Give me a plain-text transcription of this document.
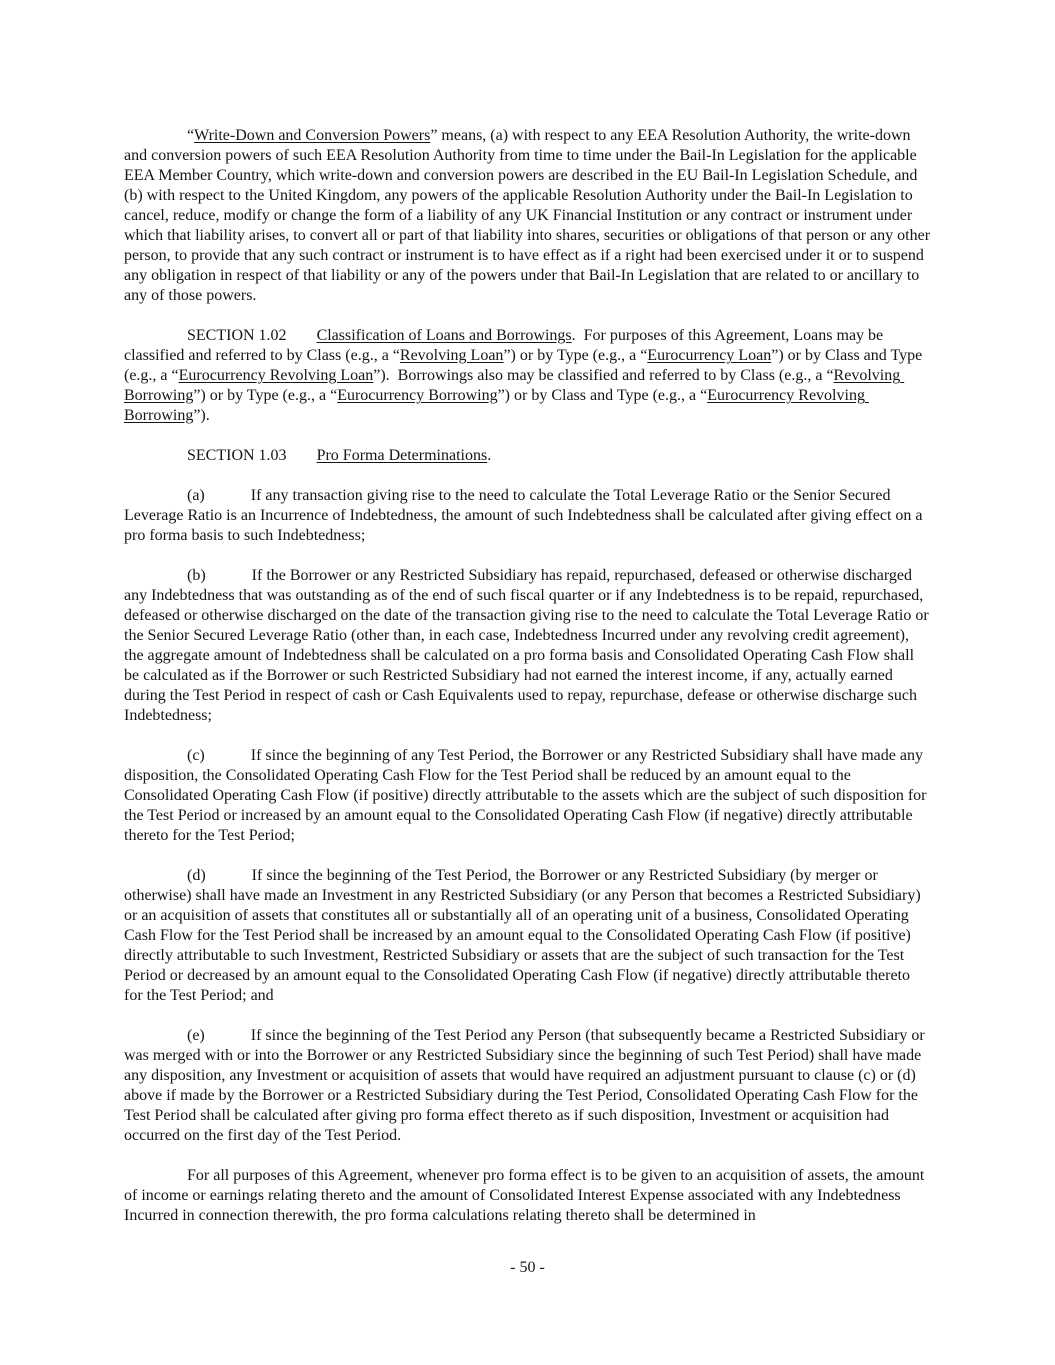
“Write-Down and Conversion Powers” means, (a) with respect to any EEA Resolution Authority, the write-down and conversion powers of such EEA Resolution Authority from time to time under the Bail-In Legislation for the applicable EEA Member Country, which write-down and conversion powers are described in the EU Bail-In Legislation Schedule, and (b) with respect to the United Kingdom, any powers of the applicable Resolution Authority under the Bail-In Legislation to cancel, reduce, modify or change the form of a liability of any UK Financial Institution or any contract or instrument under which that liability arises, to convert all or part of that liability into shares, securities or obligations of that person or any other person, to provide that any such contract or instrument is to have effect as if a right had been exercised under it or to suspend any obligation in respect of that liability or any of the powers under that Bail-In Legislation that are related to or ancillary to any of those powers.

SECTION 1.02 Classification of Loans and Borrowings.  For purposes of this Agreement, Loans may be classified and referred to by Class (e.g., a “Revolving Loan”) or by Type (e.g., a “Eurocurrency Loan”) or by Class and Type (e.g., a “Eurocurrency Revolving Loan”).  Borrowings also may be classified and referred to by Class (e.g., a “Revolving Borrowing”) or by Type (e.g., a “Eurocurrency Borrowing”) or by Class and Type (e.g., a “Eurocurrency Revolving Borrowing”).

SECTION 1.03 Pro Forma Determinations.

(a)	If any transaction giving rise to the need to calculate the Total Leverage Ratio or the Senior Secured Leverage Ratio is an Incurrence of Indebtedness, the amount of such Indebtedness shall be calculated after giving effect on a pro forma basis to such Indebtedness;

(b)	If the Borrower or any Restricted Subsidiary has repaid, repurchased, defeased or otherwise discharged any Indebtedness that was outstanding as of the end of such fiscal quarter or if any Indebtedness is to be repaid, repurchased, defeased or otherwise discharged on the date of the transaction giving rise to the need to calculate the Total Leverage Ratio or the Senior Secured Leverage Ratio (other than, in each case, Indebtedness Incurred under any revolving credit agreement), the aggregate amount of Indebtedness shall be calculated on a pro forma basis and Consolidated Operating Cash Flow shall be calculated as if the Borrower or such Restricted Subsidiary had not earned the interest income, if any, actually earned during the Test Period in respect of cash or Cash Equivalents used to repay, repurchase, defease or otherwise discharge such Indebtedness;

(c)	If since the beginning of any Test Period, the Borrower or any Restricted Subsidiary shall have made any disposition, the Consolidated Operating Cash Flow for the Test Period shall be reduced by an amount equal to the Consolidated Operating Cash Flow (if positive) directly attributable to the assets which are the subject of such disposition for the Test Period or increased by an amount equal to the Consolidated Operating Cash Flow (if negative) directly attributable thereto for the Test Period;

(d)	If since the beginning of the Test Period, the Borrower or any Restricted Subsidiary (by merger or otherwise) shall have made an Investment in any Restricted Subsidiary (or any Person that becomes a Restricted Subsidiary) or an acquisition of assets that constitutes all or substantially all of an operating unit of a business, Consolidated Operating Cash Flow for the Test Period shall be increased by an amount equal to the Consolidated Operating Cash Flow (if positive) directly attributable to such Investment, Restricted Subsidiary or assets that are the subject of such transaction for the Test Period or decreased by an amount equal to the Consolidated Operating Cash Flow (if negative) directly attributable thereto for the Test Period; and

(e)	If since the beginning of the Test Period any Person (that subsequently became a Restricted Subsidiary or was merged with or into the Borrower or any Restricted Subsidiary since the beginning of such Test Period) shall have made any disposition, any Investment or acquisition of assets that would have required an adjustment pursuant to clause (c) or (d) above if made by the Borrower or a Restricted Subsidiary during the Test Period, Consolidated Operating Cash Flow for the Test Period shall be calculated after giving pro forma effect thereto as if such disposition, Investment or acquisition had occurred on the first day of the Test Period.

For all purposes of this Agreement, whenever pro forma effect is to be given to an acquisition of assets, the amount of income or earnings relating thereto and the amount of Consolidated Interest Expense associated with any Indebtedness Incurred in connection therewith, the pro forma calculations relating thereto shall be determined in

- 50 -
